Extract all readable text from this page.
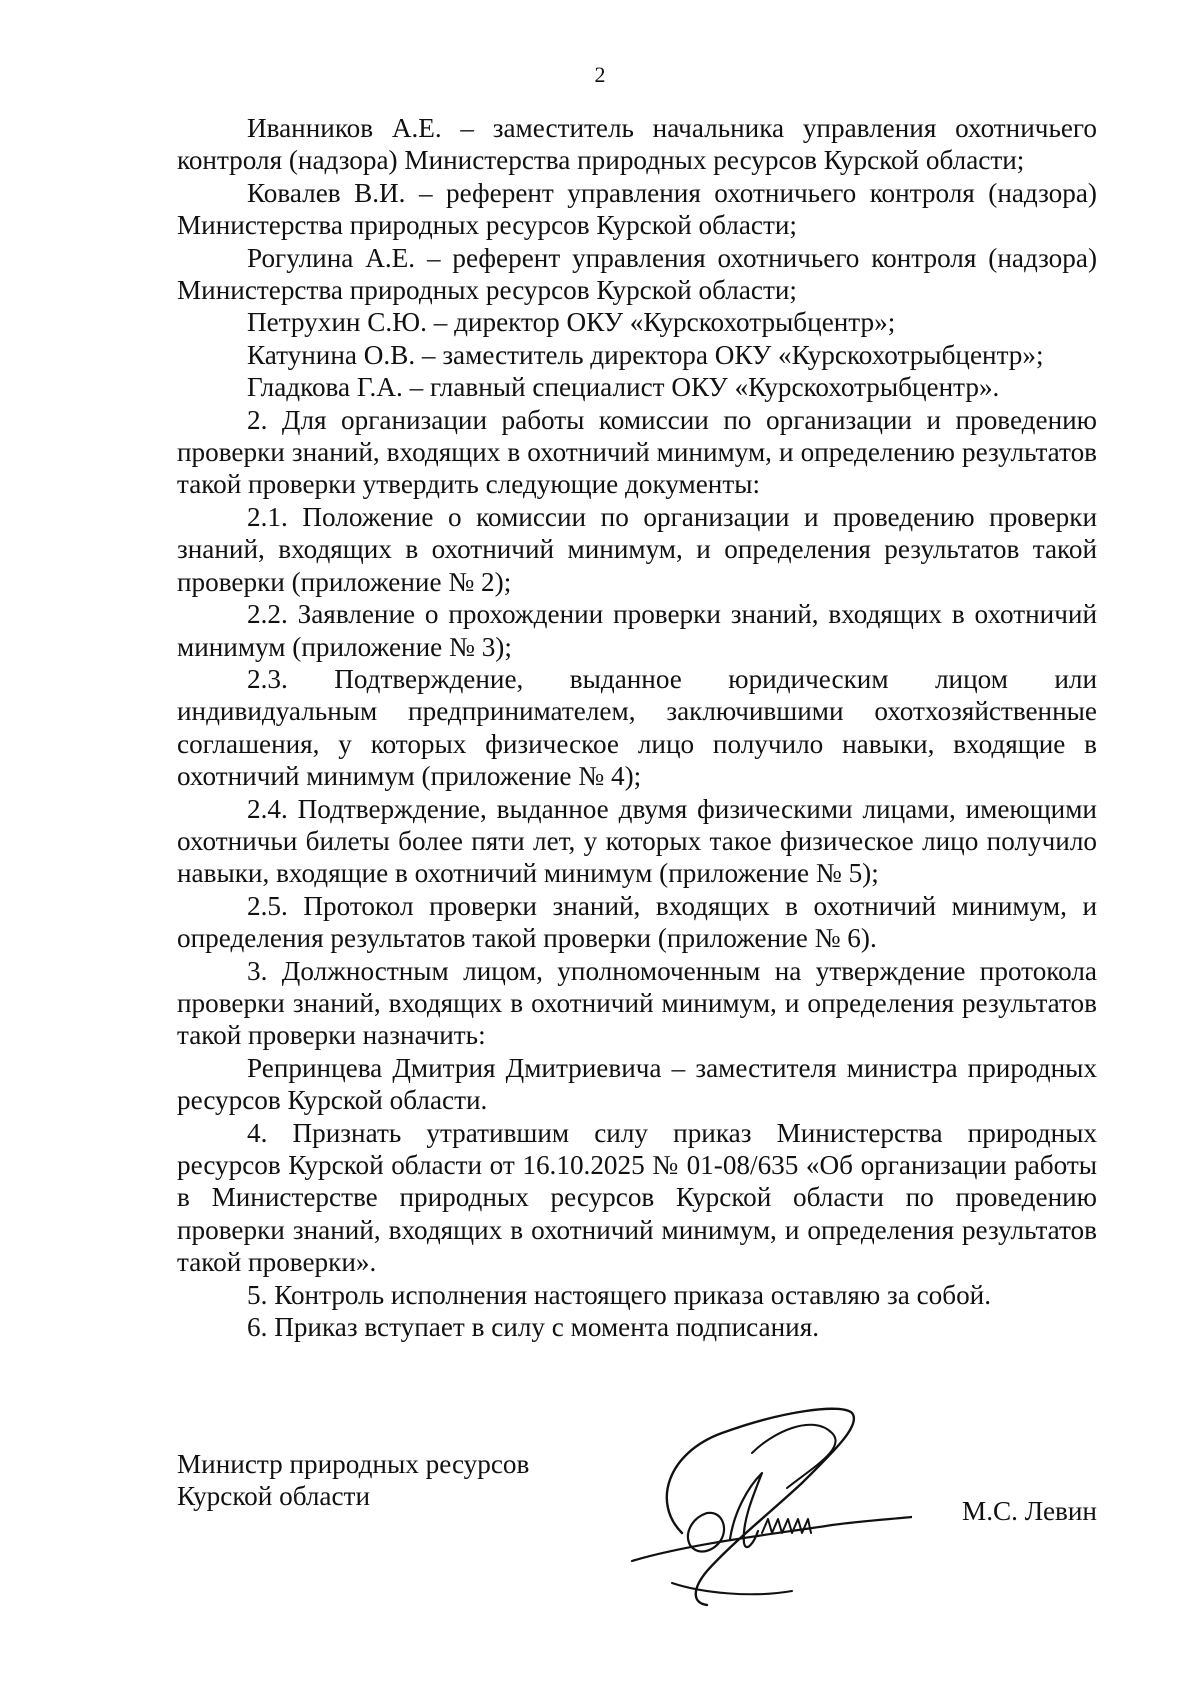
2

Иванников А.Е. – заместитель начальника управления охотничьего контроля (надзора) Министерства природных ресурсов Курской области;

Ковалев В.И. – референт управления охотничьего контроля (надзора) Министерства природных ресурсов Курской области;

Рогулина А.Е. – референт управления охотничьего контроля (надзора) Министерства природных ресурсов Курской области;

Петрухин С.Ю. – директор ОКУ «Курскохотрыбцентр»;

Катунина О.В. – заместитель директора ОКУ «Курскохотрыбцентр»;

Гладкова Г.А. – главный специалист ОКУ «Курскохотрыбцентр».

2. Для организации работы комиссии по организации и проведению проверки знаний, входящих в охотничий минимум, и определению результатов такой проверки утвердить следующие документы:

2.1. Положение о комиссии по организации и проведению проверки знаний, входящих в охотничий минимум, и определения результатов такой проверки (приложение № 2);

2.2. Заявление о прохождении проверки знаний, входящих в охотничий минимум (приложение № 3);

2.3. Подтверждение, выданное юридическим лицом или индивидуальным предпринимателем, заключившими охотхозяйственные соглашения, у которых физическое лицо получило навыки, входящие в охотничий минимум (приложение № 4);

2.4. Подтверждение, выданное двумя физическими лицами, имеющими охотничьи билеты более пяти лет, у которых такое физическое лицо получило навыки, входящие в охотничий минимум (приложение № 5);

2.5. Протокол проверки знаний, входящих в охотничий минимум, и определения результатов такой проверки (приложение № 6).

3. Должностным лицом, уполномоченным на утверждение протокола проверки знаний, входящих в охотничий минимум, и определения результатов такой проверки назначить:

Репринцева Дмитрия Дмитриевича – заместителя министра природных ресурсов Курской области.

4. Признать утратившим силу приказ Министерства природных ресурсов Курской области от 16.10.2025 № 01-08/635 «Об организации работы в Министерстве природных ресурсов Курской области по проведению проверки знаний, входящих в охотничий минимум, и определения результатов такой проверки».

5. Контроль исполнения настоящего приказа оставляю за собой.

6. Приказ вступает в силу с момента подписания.

Министр природных ресурсов
Курской области	М.С. Левин
